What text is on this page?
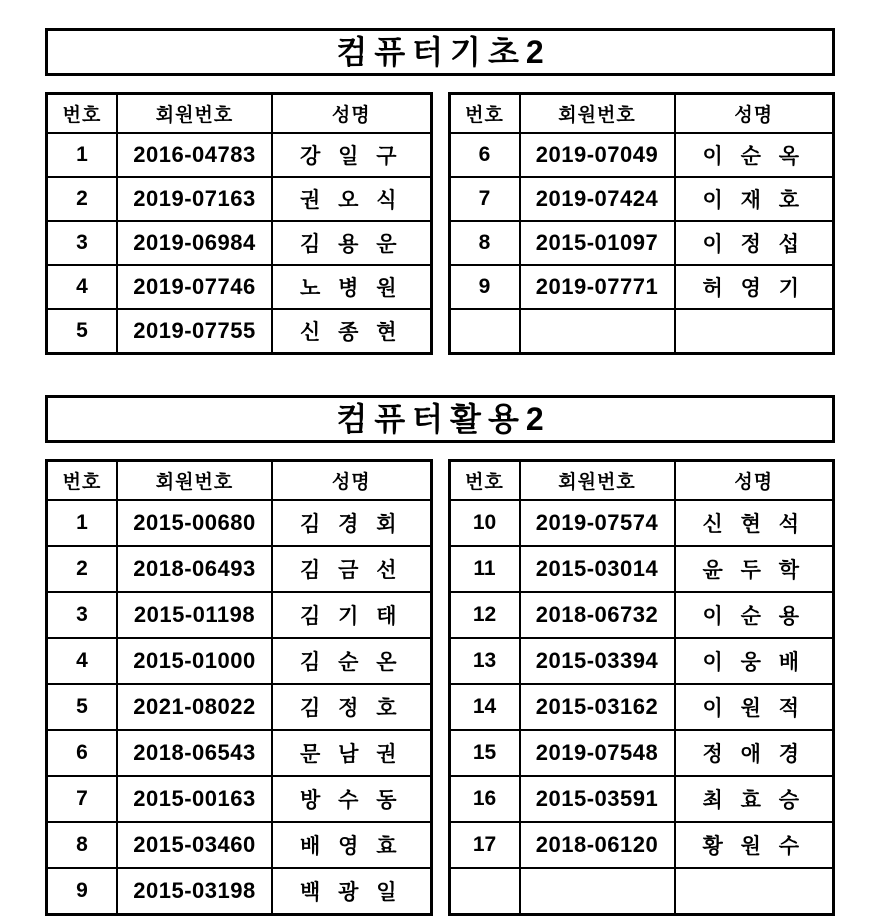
컴퓨터기초2
번호	회원번호	성명
1	2016-04783	강 일 구
2	2019-07163	권 오 식
3	2019-06984	김 용 운
4	2019-07746	노 병 원
5	2019-07755	신 종 현
번호	회원번호	성명
6	2019-07049	이 순 옥
7	2019-07424	이 재 호
8	2015-01097	이 정 섭
9	2019-07771	허 영 기

컴퓨터활용2
번호	회원번호	성명
1	2015-00680	김 경 회
2	2018-06493	김 금 선
3	2015-01198	김 기 태
4	2015-01000	김 순 온
5	2021-08022	김 정 호
6	2018-06543	문 남 권
7	2015-00163	방 수 동
8	2015-03460	배 영 효
9	2015-03198	백 광 일
번호	회원번호	성명
10	2019-07574	신 현 석
11	2015-03014	윤 두 학
12	2018-06732	이 순 용
13	2015-03394	이 웅 배
14	2015-03162	이 원 적
15	2019-07548	정 애 경
16	2015-03591	최 효 승
17	2018-06120	황 원 수
